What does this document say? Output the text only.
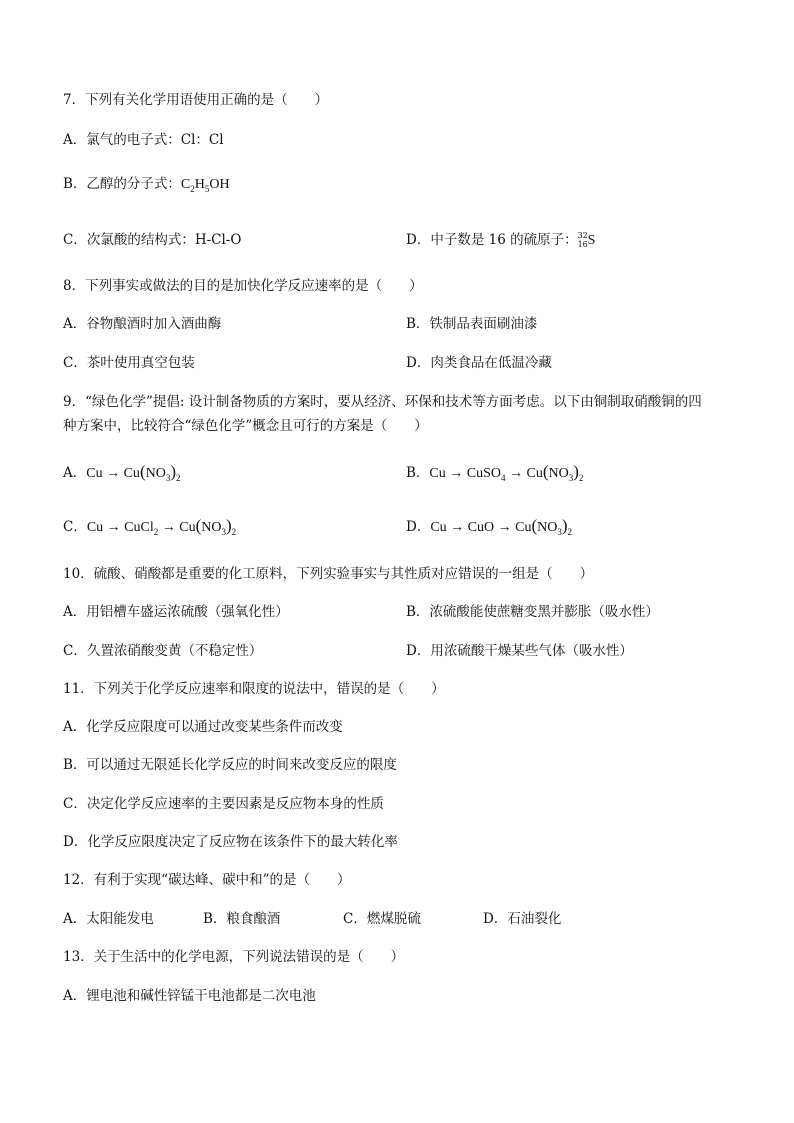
7．下列有关化学用语使用正确的是（　　）
A．氯气的电子式：Cl：Cl
B．乙醇的分子式：$C_2H_5OH$
C．次氯酸的结构式：H-Cl-O	D．中子数是 16 的硫原子： 32
16 S
8．下列事实或做法的目的是加快化学反应速率的是（　　）
A．谷物酿酒时加入酒曲酶	B．铁制品表面刷油漆
C．茶叶使用真空包装	D．肉类食品在低温冷藏
9．“绿色化学”提倡: 设计制备物质的方案时，要从经济、环保和技术等方面考虑。以下由铜制取硝酸铜的四
种方案中，比较符合“绿色化学”概念且可行的方案是（　　）
A．$Cu \to Cu(NO_3)_2$	B．Cu → CuSO$_4$ → $Cu(NO_3)_2$
C．Cu → CuCl$_2$ → $Cu(NO_3)_2$	D．Cu → CuO → $Cu(NO_3)_2$
10．硫酸、硝酸都是重要的化工原料，下列实验事实与其性质对应错误的一组是（　　）
A．用铝槽车盛运浓硫酸（强氧化性）	B．浓硫酸能使蔗糖变黑并膨胀（吸水性）
C．久置浓硝酸变黄（不稳定性）	D．用浓硫酸干燥某些气体（吸水性）
11．下列关于化学反应速率和限度的说法中，错误的是（　　）
A．化学反应限度可以通过改变某些条件而改变
B．可以通过无限延长化学反应的时间来改变反应的限度
C．决定化学反应速率的主要因素是反应物本身的性质
D．化学反应限度决定了反应物在该条件下的最大转化率
12．有利于实现“碳达峰、碳中和”的是（　　）
A．太阳能发电	B．粮食酿酒	C．燃煤脱硫	D．石油裂化
13．关于生活中的化学电源，下列说法错误的是（　　）
A．锂电池和碱性锌锰干电池都是二次电池
